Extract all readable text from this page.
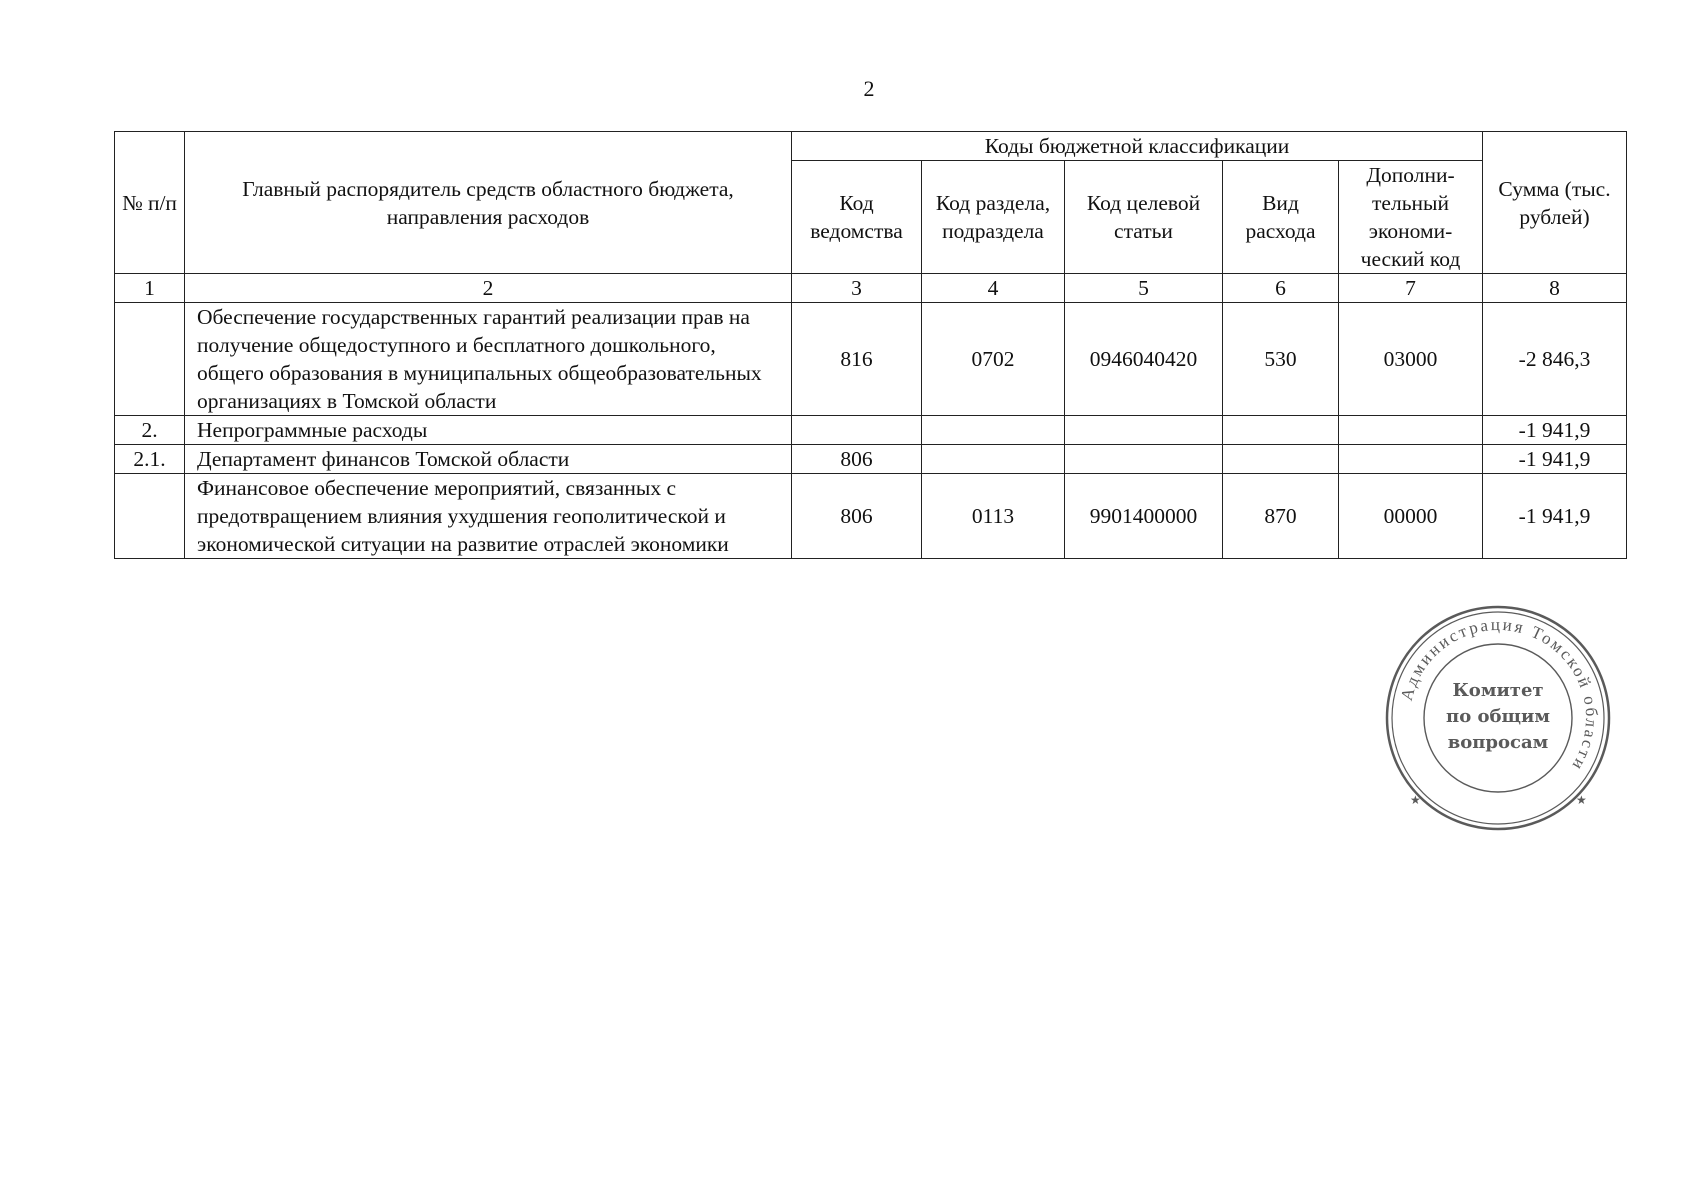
2
№ п/п	Главный распорядитель средств областного бюджета, направления расходов	Коды бюджетной классификации					Сумма (тыс. рублей)
		Код ведомства	Код раздела, подраздела	Код целевой статьи	Вид расхода	Дополни-тельный экономи-ческий код	
1	2	3	4	5	6	7	8
	Обеспечение государственных гарантий реализации прав на получение общедоступного и бесплатного дошкольного, общего образования в муниципальных общеобразовательных организациях в Томской области	816	0702	0946040420	530	03000	-2 846,3
2.	Непрограммные расходы						-1 941,9
2.1.	Департамент финансов Томской области	806					-1 941,9
	Финансовое обеспечение мероприятий, связанных с предотвращением влияния ухудшения геополитической и экономической ситуации на развитие отраслей экономики	806	0113	9901400000	870	00000	-1 941,9
Администрация Томской области
★	★
Комитет
по общим
вопросам
